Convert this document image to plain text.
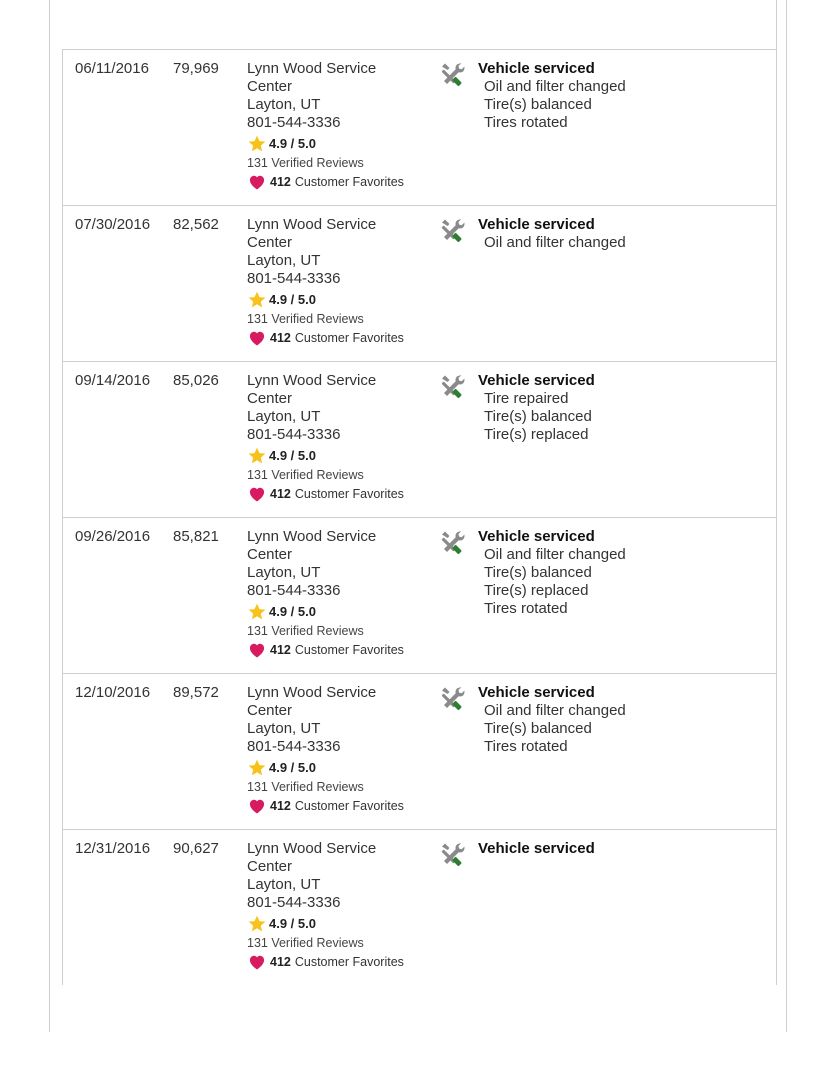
06/11/2016	79,969	Lynn Wood Service Center
Layton, UT
801-544-3336
4.9 / 5.0
131 Verified Reviews
412 Customer Favorites
Vehicle serviced
Oil and filter changed
Tire(s) balanced
Tires rotated
07/30/2016	82,562	Lynn Wood Service Center
Layton, UT
801-544-3336
4.9 / 5.0
131 Verified Reviews
412 Customer Favorites
Vehicle serviced
Oil and filter changed
09/14/2016	85,026	Lynn Wood Service Center
Layton, UT
801-544-3336
4.9 / 5.0
131 Verified Reviews
412 Customer Favorites
Vehicle serviced
Tire repaired
Tire(s) balanced
Tire(s) replaced
09/26/2016	85,821	Lynn Wood Service Center
Layton, UT
801-544-3336
4.9 / 5.0
131 Verified Reviews
412 Customer Favorites
Vehicle serviced
Oil and filter changed
Tire(s) balanced
Tire(s) replaced
Tires rotated
12/10/2016	89,572	Lynn Wood Service Center
Layton, UT
801-544-3336
4.9 / 5.0
131 Verified Reviews
412 Customer Favorites
Vehicle serviced
Oil and filter changed
Tire(s) balanced
Tires rotated
12/31/2016	90,627	Lynn Wood Service Center
Layton, UT
801-544-3336
4.9 / 5.0
131 Verified Reviews
412 Customer Favorites
Vehicle serviced
